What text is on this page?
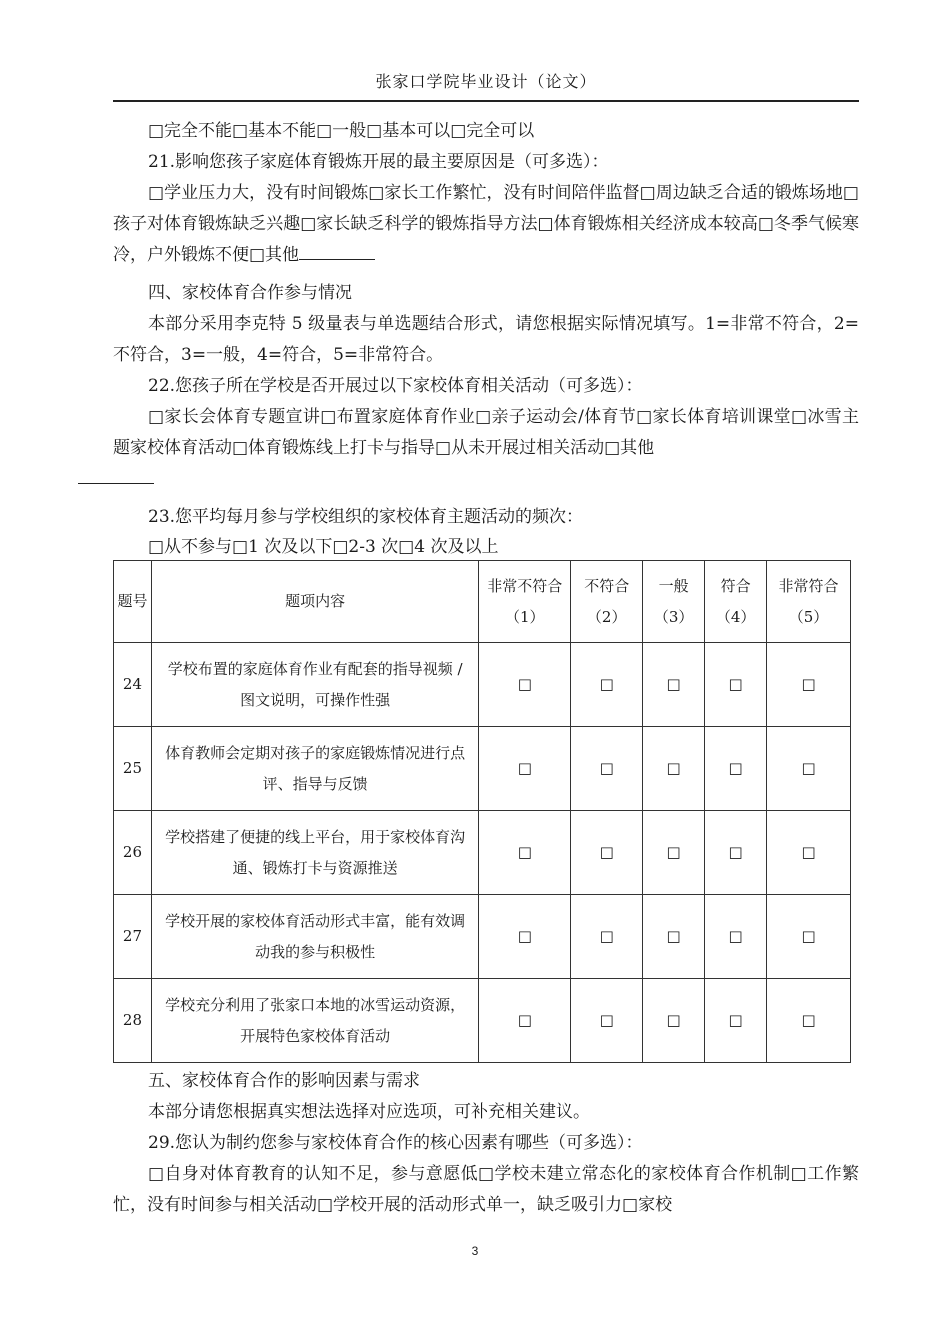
张家口学院毕业设计（论文）
□完全不能□基本不能□一般□基本可以□完全可以
21.影响您孩子家庭体育锻炼开展的最主要原因是（可多选）：
□学业压力大，没有时间锻炼□家长工作繁忙，没有时间陪伴监督□周边缺乏合适的锻炼场地□孩子对体育锻炼缺乏兴趣□家长缺乏科学的锻炼指导方法□体育锻炼相关经济成本较高□冬季气候寒冷，户外锻炼不便□其他
四、家校体育合作参与情况
本部分采用李克特 5 级量表与单选题结合形式，请您根据实际情况填写。1=非常不符合，2=不符合，3=一般，4=符合，5=非常符合。
22.您孩子所在学校是否开展过以下家校体育相关活动（可多选）：
□家长会体育专题宣讲□布置家庭体育作业□亲子运动会/体育节□家长体育培训课堂□冰雪主题家校体育活动□体育锻炼线上打卡与指导□从未开展过相关活动□其他

23.您平均每月参与学校组织的家校体育主题活动的频次：
□从不参与□1 次及以下□2-3 次□4 次及以上
题号	题项内容	非常不符合（1）	不符合（2）	一般（3）	符合（4）	非常符合（5）
24	学校布置的家庭体育作业有配套的指导视频 / 图文说明，可操作性强	□	□	□	□	□
25	体育教师会定期对孩子的家庭锻炼情况进行点评、指导与反馈	□	□	□	□	□
26	学校搭建了便捷的线上平台，用于家校体育沟通、锻炼打卡与资源推送	□	□	□	□	□
27	学校开展的家校体育活动形式丰富，能有效调动我的参与积极性	□	□	□	□	□
28	学校充分利用了张家口本地的冰雪运动资源，开展特色家校体育活动	□	□	□	□	□
五、家校体育合作的影响因素与需求
本部分请您根据真实想法选择对应选项，可补充相关建议。
29.您认为制约您参与家校体育合作的核心因素有哪些（可多选）：
□自身对体育教育的认知不足，参与意愿低□学校未建立常态化的家校体育合作机制□工作繁忙，没有时间参与相关活动□学校开展的活动形式单一，缺乏吸引力□家校
3
